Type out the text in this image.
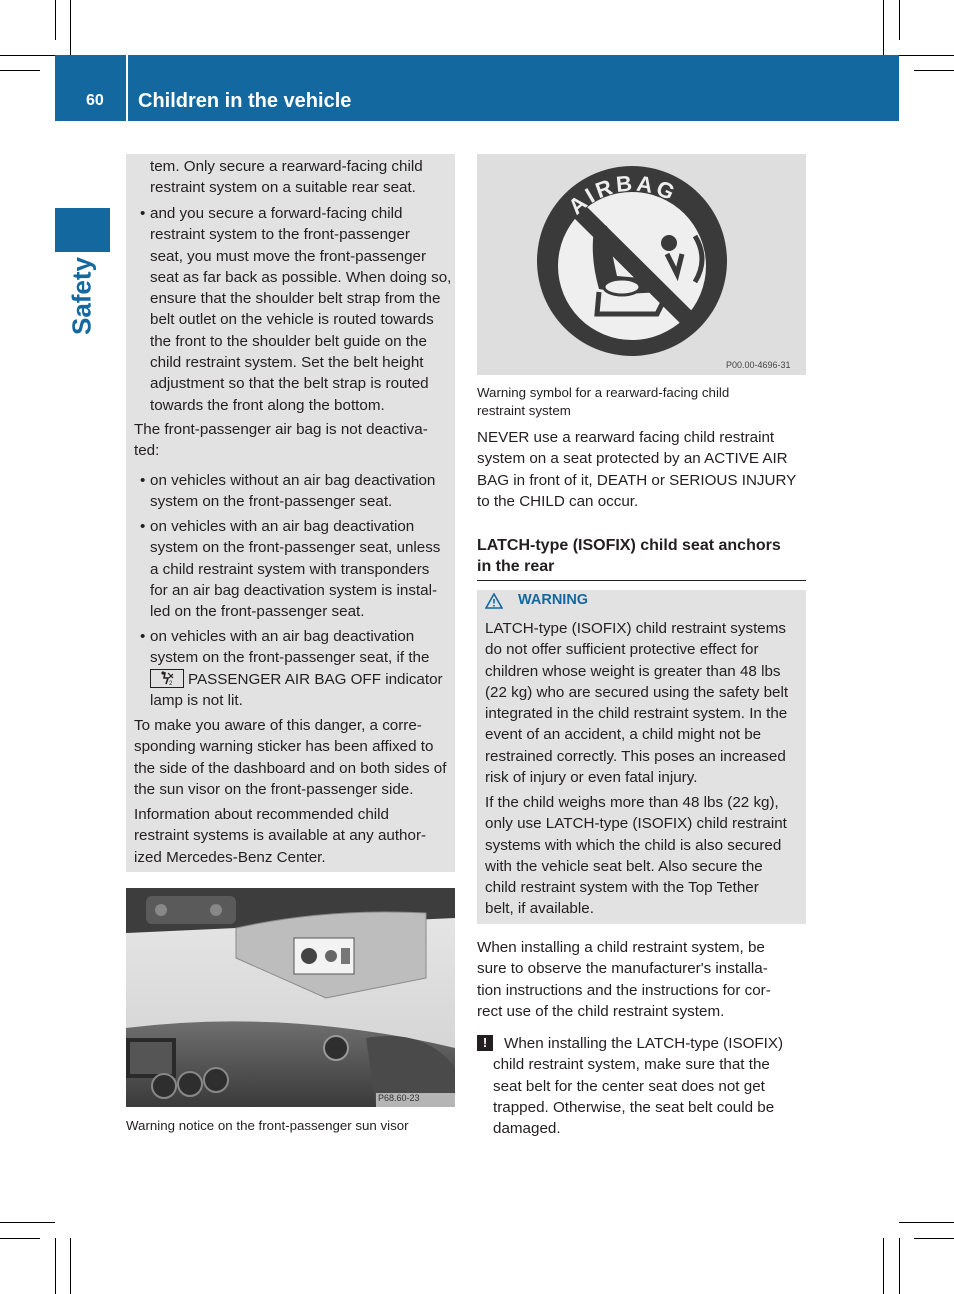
60 Children in the vehicle
Safety
tem. Only secure a rearward-facing child
restraint system on a suitable rear seat.
• and you secure a forward-facing child
restraint system to the front-passenger
seat, you must move the front-passenger
seat as far back as possible. When doing so,
ensure that the shoulder belt strap from the
belt outlet on the vehicle is routed towards
the front to the shoulder belt guide on the
child restraint system. Set the belt height
adjustment so that the belt strap is routed
towards the front along the bottom.
The front-passenger air bag is not deactiva-
ted:
• on vehicles without an air bag deactivation
system on the front-passenger seat.
• on vehicles with an air bag deactivation
system on the front-passenger seat, unless
a child restraint system with transponders
for an air bag deactivation system is instal-
led on the front-passenger seat.
• on vehicles with an air bag deactivation
system on the front-passenger seat, if the
2 PASSENGER AIR BAG OFF indicator
lamp is not lit.
To make you aware of this danger, a corre-
sponding warning sticker has been affixed to
the side of the dashboard and on both sides of
the sun visor on the front-passenger side.
Information about recommended child
restraint systems is available at any author-
ized Mercedes-Benz Center.
P68.60-23
Warning notice on the front-passenger sun visor
AIRBAG
P00.00-4696-31
Warning symbol for a rearward-facing child
restraint system
NEVER use a rearward facing child restraint
system on a seat protected by an ACTIVE AIR
BAG in front of it, DEATH or SERIOUS INJURY
to the CHILD can occur.
LATCH-type (ISOFIX) child seat anchors
in the rear
WARNING
LATCH-type (ISOFIX) child restraint systems
do not offer sufficient protective effect for
children whose weight is greater than 48 lbs
(22 kg) who are secured using the safety belt
integrated in the child restraint system. In the
event of an accident, a child might not be
restrained correctly. This poses an increased
risk of injury or even fatal injury.
If the child weighs more than 48 lbs (22 kg),
only use LATCH-type (ISOFIX) child restraint
systems with which the child is also secured
with the vehicle seat belt. Also secure the
child restraint system with the Top Tether
belt, if available.
When installing a child restraint system, be
sure to observe the manufacturer's installa-
tion instructions and the instructions for cor-
rect use of the child restraint system.
!	When installing the LATCH-type (ISOFIX)
child restraint system, make sure that the
seat belt for the center seat does not get
trapped. Otherwise, the seat belt could be
damaged.
